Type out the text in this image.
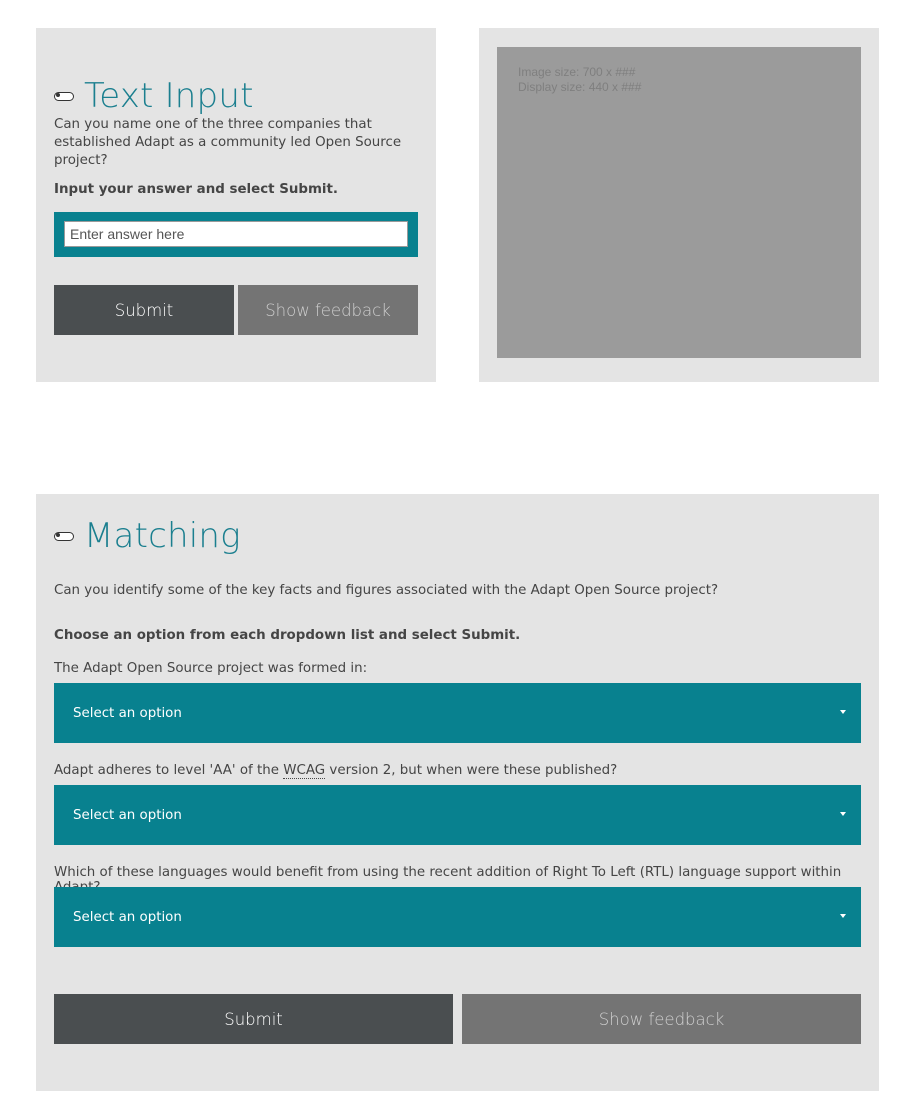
Text Input
Can you name one of the three companies that established Adapt as a community led Open Source project?
Input your answer and select Submit.
Enter answer here
Submit	Show feedback
Image size: 700 x ###
Display size: 440 x ###
Matching
Can you identify some of the key facts and figures associated with the Adapt Open Source project?
Choose an option from each dropdown list and select Submit.
The Adapt Open Source project was formed in:
Select an option
Adapt adheres to level 'AA' of the WCAG version 2, but when were these published?
Select an option
Which of these languages would benefit from using the recent addition of Right To Left (RTL) language support within
Select an option
Submit	Show feedback
